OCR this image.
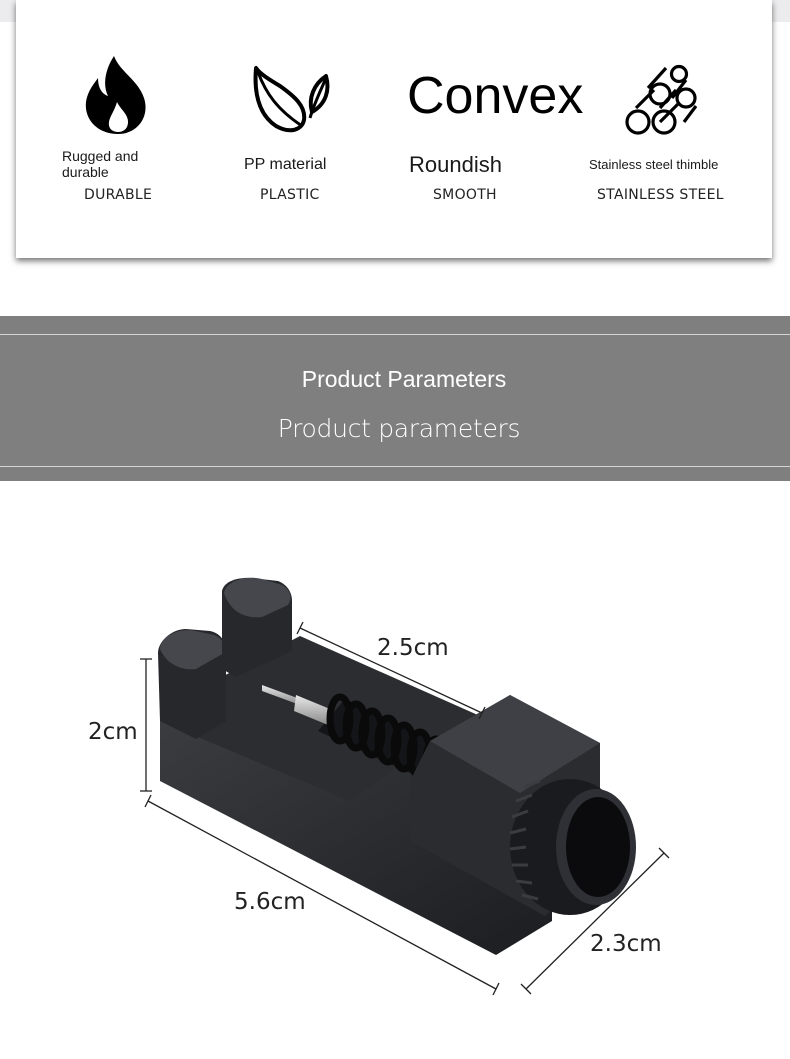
Rugged and durable
DURABLE
PP material
PLASTIC
Convex
Roundish
SMOOTH
Stainless steel thimble
STAINLESS STEEL
Product Parameters
Product parameters
2cm
2.5cm
5.6cm
2.3cm
